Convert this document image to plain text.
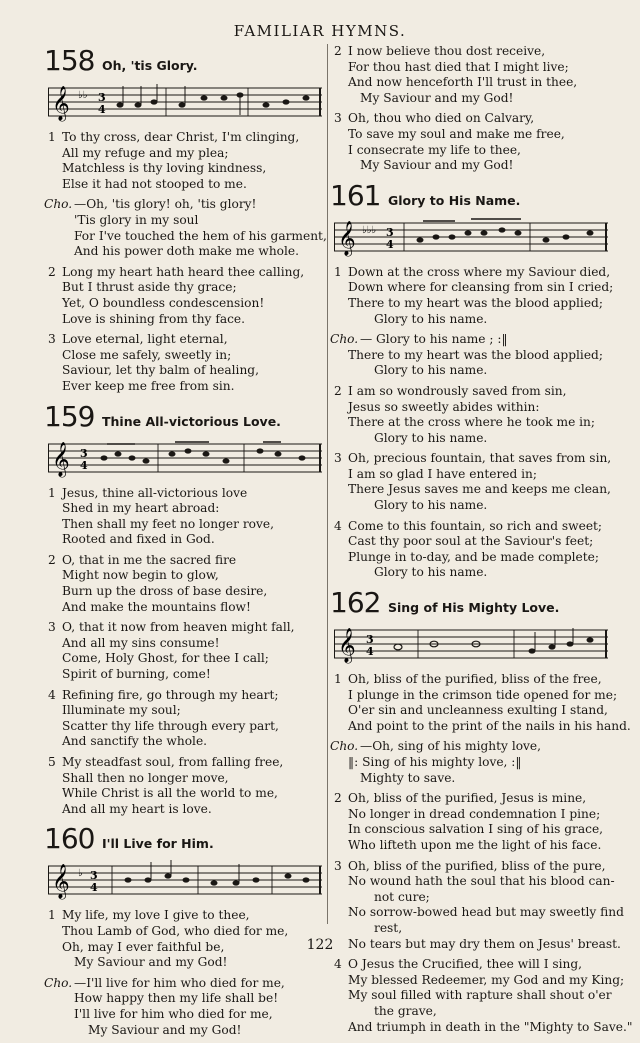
FAMILIAR HYMNS.
158 Oh, 'tis Glory.
𝄞 ♭♭ 3
4
1 To thy cross, dear Christ, I'm clinging,
All my refuge and my plea;
Matchless is thy loving kindness,
Else it had not stooped to me.
Cho. —Oh, 'tis glory! oh, 'tis glory!
'Tis glory in my soul
For I've touched the hem of his garment,
And his power doth make me whole.
2 Long my heart hath heard thee calling,
But I thrust aside thy grace;
Yet, O boundless condescension!
Love is shining from thy face.
3 Love eternal, light eternal,
Close me safely, sweetly in;
Saviour, let thy balm of healing,
Ever keep me free from sin.
159 Thine All-victorious Love.
𝄞 3
4
1 Jesus, thine all-victorious love
Shed in my heart abroad:
Then shall my feet no longer rove,
Rooted and fixed in God.
2 O, that in me the sacred fire
Might now begin to glow,
Burn up the dross of base desire,
And make the mountains flow!
3 O, that it now from heaven might fall,
And all my sins consume!
Come, Holy Ghost, for thee I call;
Spirit of burning, come!
4 Refining fire, go through my heart;
Illuminate my soul;
Scatter thy life through every part,
And sanctify the whole.
5 My steadfast soul, from falling free,
Shall then no longer move,
While Christ is all the world to me,
And all my heart is love.
160 I'll Live for Him.
𝄞 ♭ 3
4
1 My life, my love I give to thee,
Thou Lamb of God, who died for me,
Oh, may I ever faithful be,
My Saviour and my God!
Cho. —I'll live for him who died for me,
How happy then my life shall be!
I'll live for him who died for me,
My Saviour and my God!
2 I now believe thou dost receive,
For thou hast died that I might live;
And now henceforth I'll trust in thee,
My Saviour and my God!
3 Oh, thou who died on Calvary,
To save my soul and make me free,
I consecrate my life to thee,
My Saviour and my God!
161 Glory to His Name.
𝄞 ♭♭♭ 3
4
1 Down at the cross where my Saviour died,
Down where for cleansing from sin I cried;
There to my heart was the blood applied;
Glory to his name.
Cho. — Glory to his name ; :‖
There to my heart was the blood applied;
Glory to his name.
2 I am so wondrously saved from sin,
Jesus so sweetly abides within:
There at the cross where he took me in;
Glory to his name.
3 Oh, precious fountain, that saves from sin,
I am so glad I have entered in;
There Jesus saves me and keeps me clean,
Glory to his name.
4 Come to this fountain, so rich and sweet;
Cast thy poor soul at the Saviour's feet;
Plunge in to-day, and be made complete;
Glory to his name.
162 Sing of His Mighty Love.
𝄞 3
4
1 Oh, bliss of the purified, bliss of the free,
I plunge in the crimson tide opened for me;
O'er sin and uncleanness exulting I stand,
And point to the print of the nails in his hand.
Cho. —Oh, sing of his mighty love,
‖: Sing of his mighty love, :‖
Mighty to save.
2 Oh, bliss of the purified, Jesus is mine,
No longer in dread condemnation I pine;
In conscious salvation I sing of his grace,
Who lifteth upon me the light of his face.
3 Oh, bliss of the purified, bliss of the pure,
No wound hath the soul that his blood can-
not cure;
No sorrow-bowed head but may sweetly find
rest,
No tears but may dry them on Jesus' breast.
4 O Jesus the Crucified, thee will I sing,
My blessed Redeemer, my God and my King;
My soul filled with rapture shall shout o'er
the grave,
And triumph in death in the "Mighty to Save."
122
